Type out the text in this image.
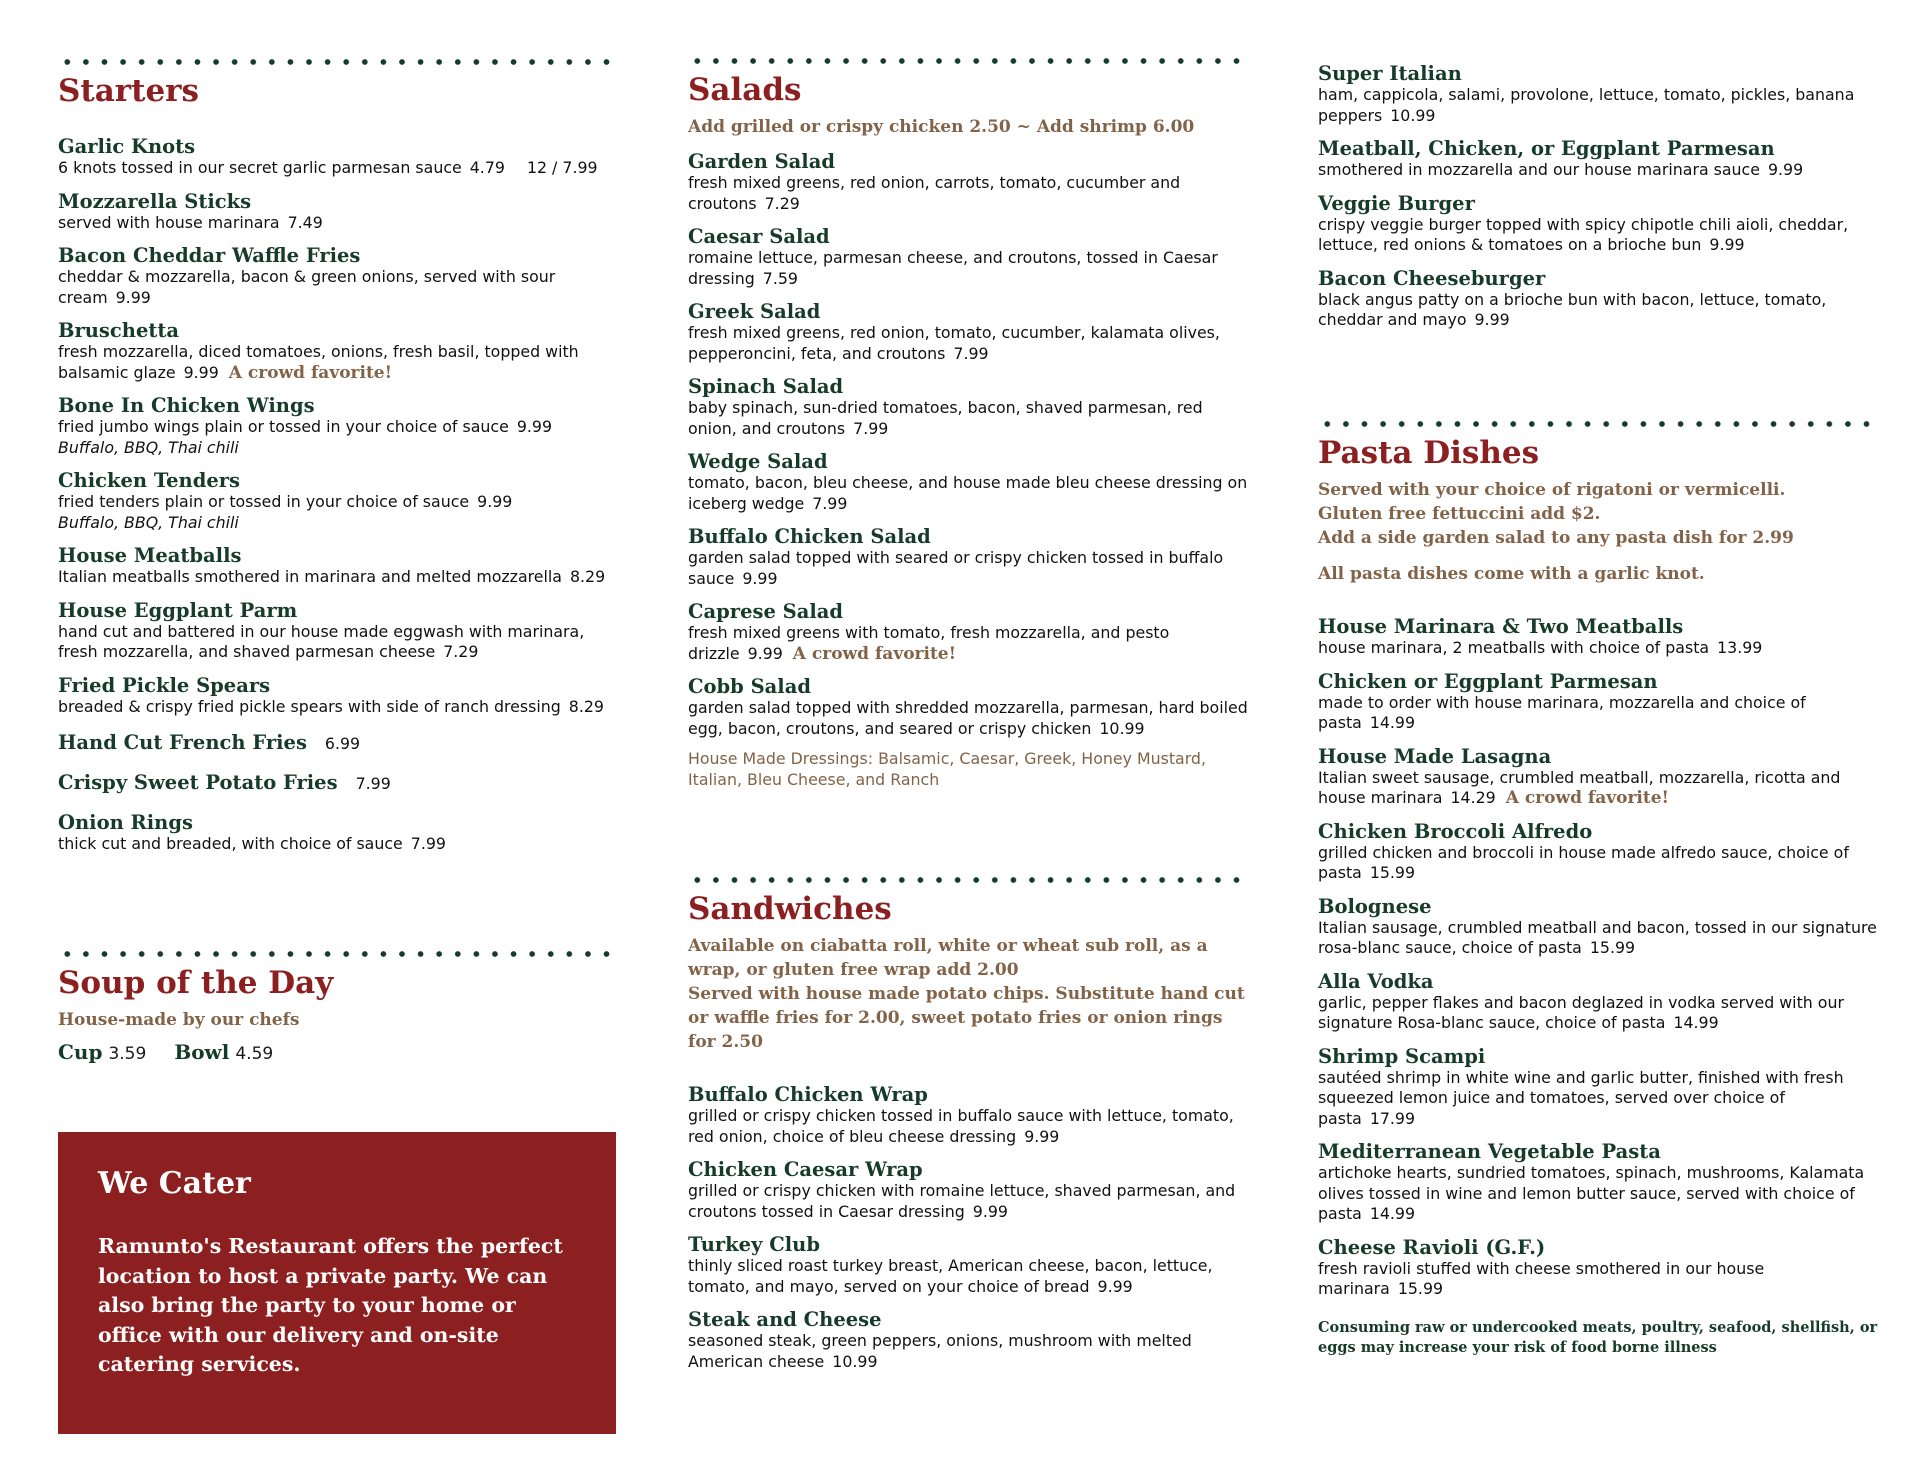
Starters
Garlic Knots
6 knots tossed in our secret garlic parmesan sauce 4.79 12 / 7.99
Mozzarella Sticks
served with house marinara 7.49
Bacon Cheddar Waffle Fries
cheddar & mozzarella, bacon & green onions, served with sour cream 9.99
Bruschetta
fresh mozzarella, diced tomatoes, onions, fresh basil, topped with balsamic glaze 9.99 A crowd favorite!
Bone In Chicken Wings
fried jumbo wings plain or tossed in your choice of sauce 9.99
Buffalo, BBQ, Thai chili
Chicken Tenders
fried tenders plain or tossed in your choice of sauce 9.99
Buffalo, BBQ, Thai chili
House Meatballs
Italian meatballs smothered in marinara and melted mozzarella 8.29
House Eggplant Parm
hand cut and battered in our house made eggwash with marinara, fresh mozzarella, and shaved parmesan cheese 7.29
Fried Pickle Spears
breaded & crispy fried pickle spears with side of ranch dressing 8.29
Hand Cut French Fries 6.99
Crispy Sweet Potato Fries 7.99
Onion Rings
thick cut and breaded, with choice of sauce 7.99
Soup of the Day
House-made by our chefs
Cup 3.59 Bowl 4.59
We Cater
Ramunto's Restaurant offers the perfect location to host a private party. We can also bring the party to your home or office with our delivery and on-site catering services.
Salads
Add grilled or crispy chicken 2.50 ~ Add shrimp 6.00
Garden Salad
fresh mixed greens, red onion, carrots, tomato, cucumber and croutons 7.29
Caesar Salad
romaine lettuce, parmesan cheese, and croutons, tossed in Caesar dressing 7.59
Greek Salad
fresh mixed greens, red onion, tomato, cucumber, kalamata olives, pepperoncini, feta, and croutons 7.99
Spinach Salad
baby spinach, sun-dried tomatoes, bacon, shaved parmesan, red onion, and croutons 7.99
Wedge Salad
tomato, bacon, bleu cheese, and house made bleu cheese dressing on iceberg wedge 7.99
Buffalo Chicken Salad
garden salad topped with seared or crispy chicken tossed in buffalo sauce 9.99
Caprese Salad
fresh mixed greens with tomato, fresh mozzarella, and pesto drizzle 9.99 A crowd favorite!
Cobb Salad
garden salad topped with shredded mozzarella, parmesan, hard boiled egg, bacon, croutons, and seared or crispy chicken 10.99
House Made Dressings: Balsamic, Caesar, Greek, Honey Mustard, Italian, Bleu Cheese, and Ranch
Sandwiches
Available on ciabatta roll, white or wheat sub roll, as a wrap, or gluten free wrap add 2.00
Served with house made potato chips. Substitute hand cut or waffle fries for 2.00, sweet potato fries or onion rings for 2.50
Buffalo Chicken Wrap
grilled or crispy chicken tossed in buffalo sauce with lettuce, tomato, red onion, choice of bleu cheese dressing 9.99
Chicken Caesar Wrap
grilled or crispy chicken with romaine lettuce, shaved parmesan, and croutons tossed in Caesar dressing 9.99
Turkey Club
thinly sliced roast turkey breast, American cheese, bacon, lettuce, tomato, and mayo, served on your choice of bread 9.99
Steak and Cheese
seasoned steak, green peppers, onions, mushroom with melted American cheese 10.99
Super Italian
ham, cappicola, salami, provolone, lettuce, tomato, pickles, banana peppers 10.99
Meatball, Chicken, or Eggplant Parmesan
smothered in mozzarella and our house marinara sauce 9.99
Veggie Burger
crispy veggie burger topped with spicy chipotle chili aioli, cheddar, lettuce, red onions & tomatoes on a brioche bun 9.99
Bacon Cheeseburger
black angus patty on a brioche bun with bacon, lettuce, tomato, cheddar and mayo 9.99
Pasta Dishes
Served with your choice of rigatoni or vermicelli.
Gluten free fettuccini add $2.
Add a side garden salad to any pasta dish for 2.99
All pasta dishes come with a garlic knot.
House Marinara & Two Meatballs
house marinara, 2 meatballs with choice of pasta 13.99
Chicken or Eggplant Parmesan
made to order with house marinara, mozzarella and choice of pasta 14.99
House Made Lasagna
Italian sweet sausage, crumbled meatball, mozzarella, ricotta and house marinara 14.29 A crowd favorite!
Chicken Broccoli Alfredo
grilled chicken and broccoli in house made alfredo sauce, choice of pasta 15.99
Bolognese
Italian sausage, crumbled meatball and bacon, tossed in our signature rosa-blanc sauce, choice of pasta 15.99
Alla Vodka
garlic, pepper flakes and bacon deglazed in vodka served with our signature Rosa-blanc sauce, choice of pasta 14.99
Shrimp Scampi
sautéed shrimp in white wine and garlic butter, finished with fresh squeezed lemon juice and tomatoes, served over choice of pasta 17.99
Mediterranean Vegetable Pasta
artichoke hearts, sundried tomatoes, spinach, mushrooms, Kalamata olives tossed in wine and lemon butter sauce, served with choice of pasta 14.99
Cheese Ravioli (G.F.)
fresh ravioli stuffed with cheese smothered in our house marinara 15.99
Consuming raw or undercooked meats, poultry, seafood, shellfish, or eggs may increase your risk of food borne illness
